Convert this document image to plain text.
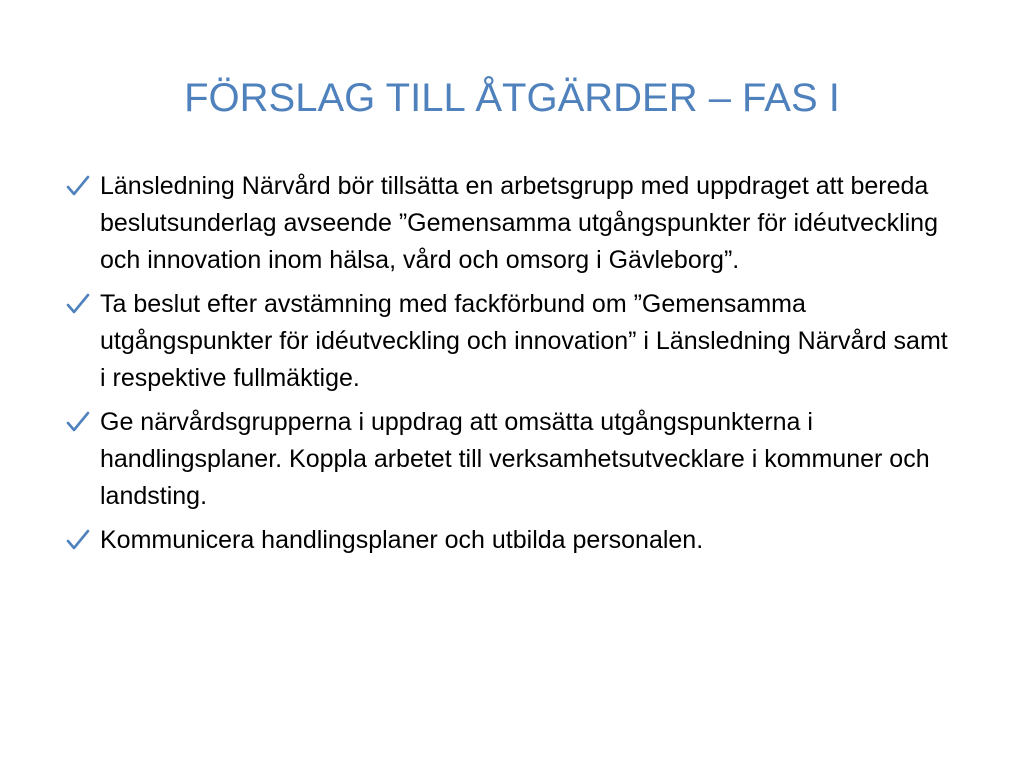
FÖRSLAG TILL ÅTGÄRDER – FAS I
Länsledning Närvård bör tillsätta en arbetsgrupp med uppdraget att bereda beslutsunderlag avseende ”Gemensamma utgångspunkter för idéutveckling och innovation inom hälsa, vård och omsorg i Gävleborg”.
Ta beslut efter avstämning med fackförbund om ”Gemensamma utgångspunkter för idéutveckling och innovation” i Länsledning Närvård samt i respektive fullmäktige.
Ge närvårdsgrupperna i uppdrag att omsätta utgångspunkterna i handlingsplaner. Koppla arbetet till verksamhetsutvecklare i kommuner och landsting.
Kommunicera handlingsplaner och utbilda personalen.
